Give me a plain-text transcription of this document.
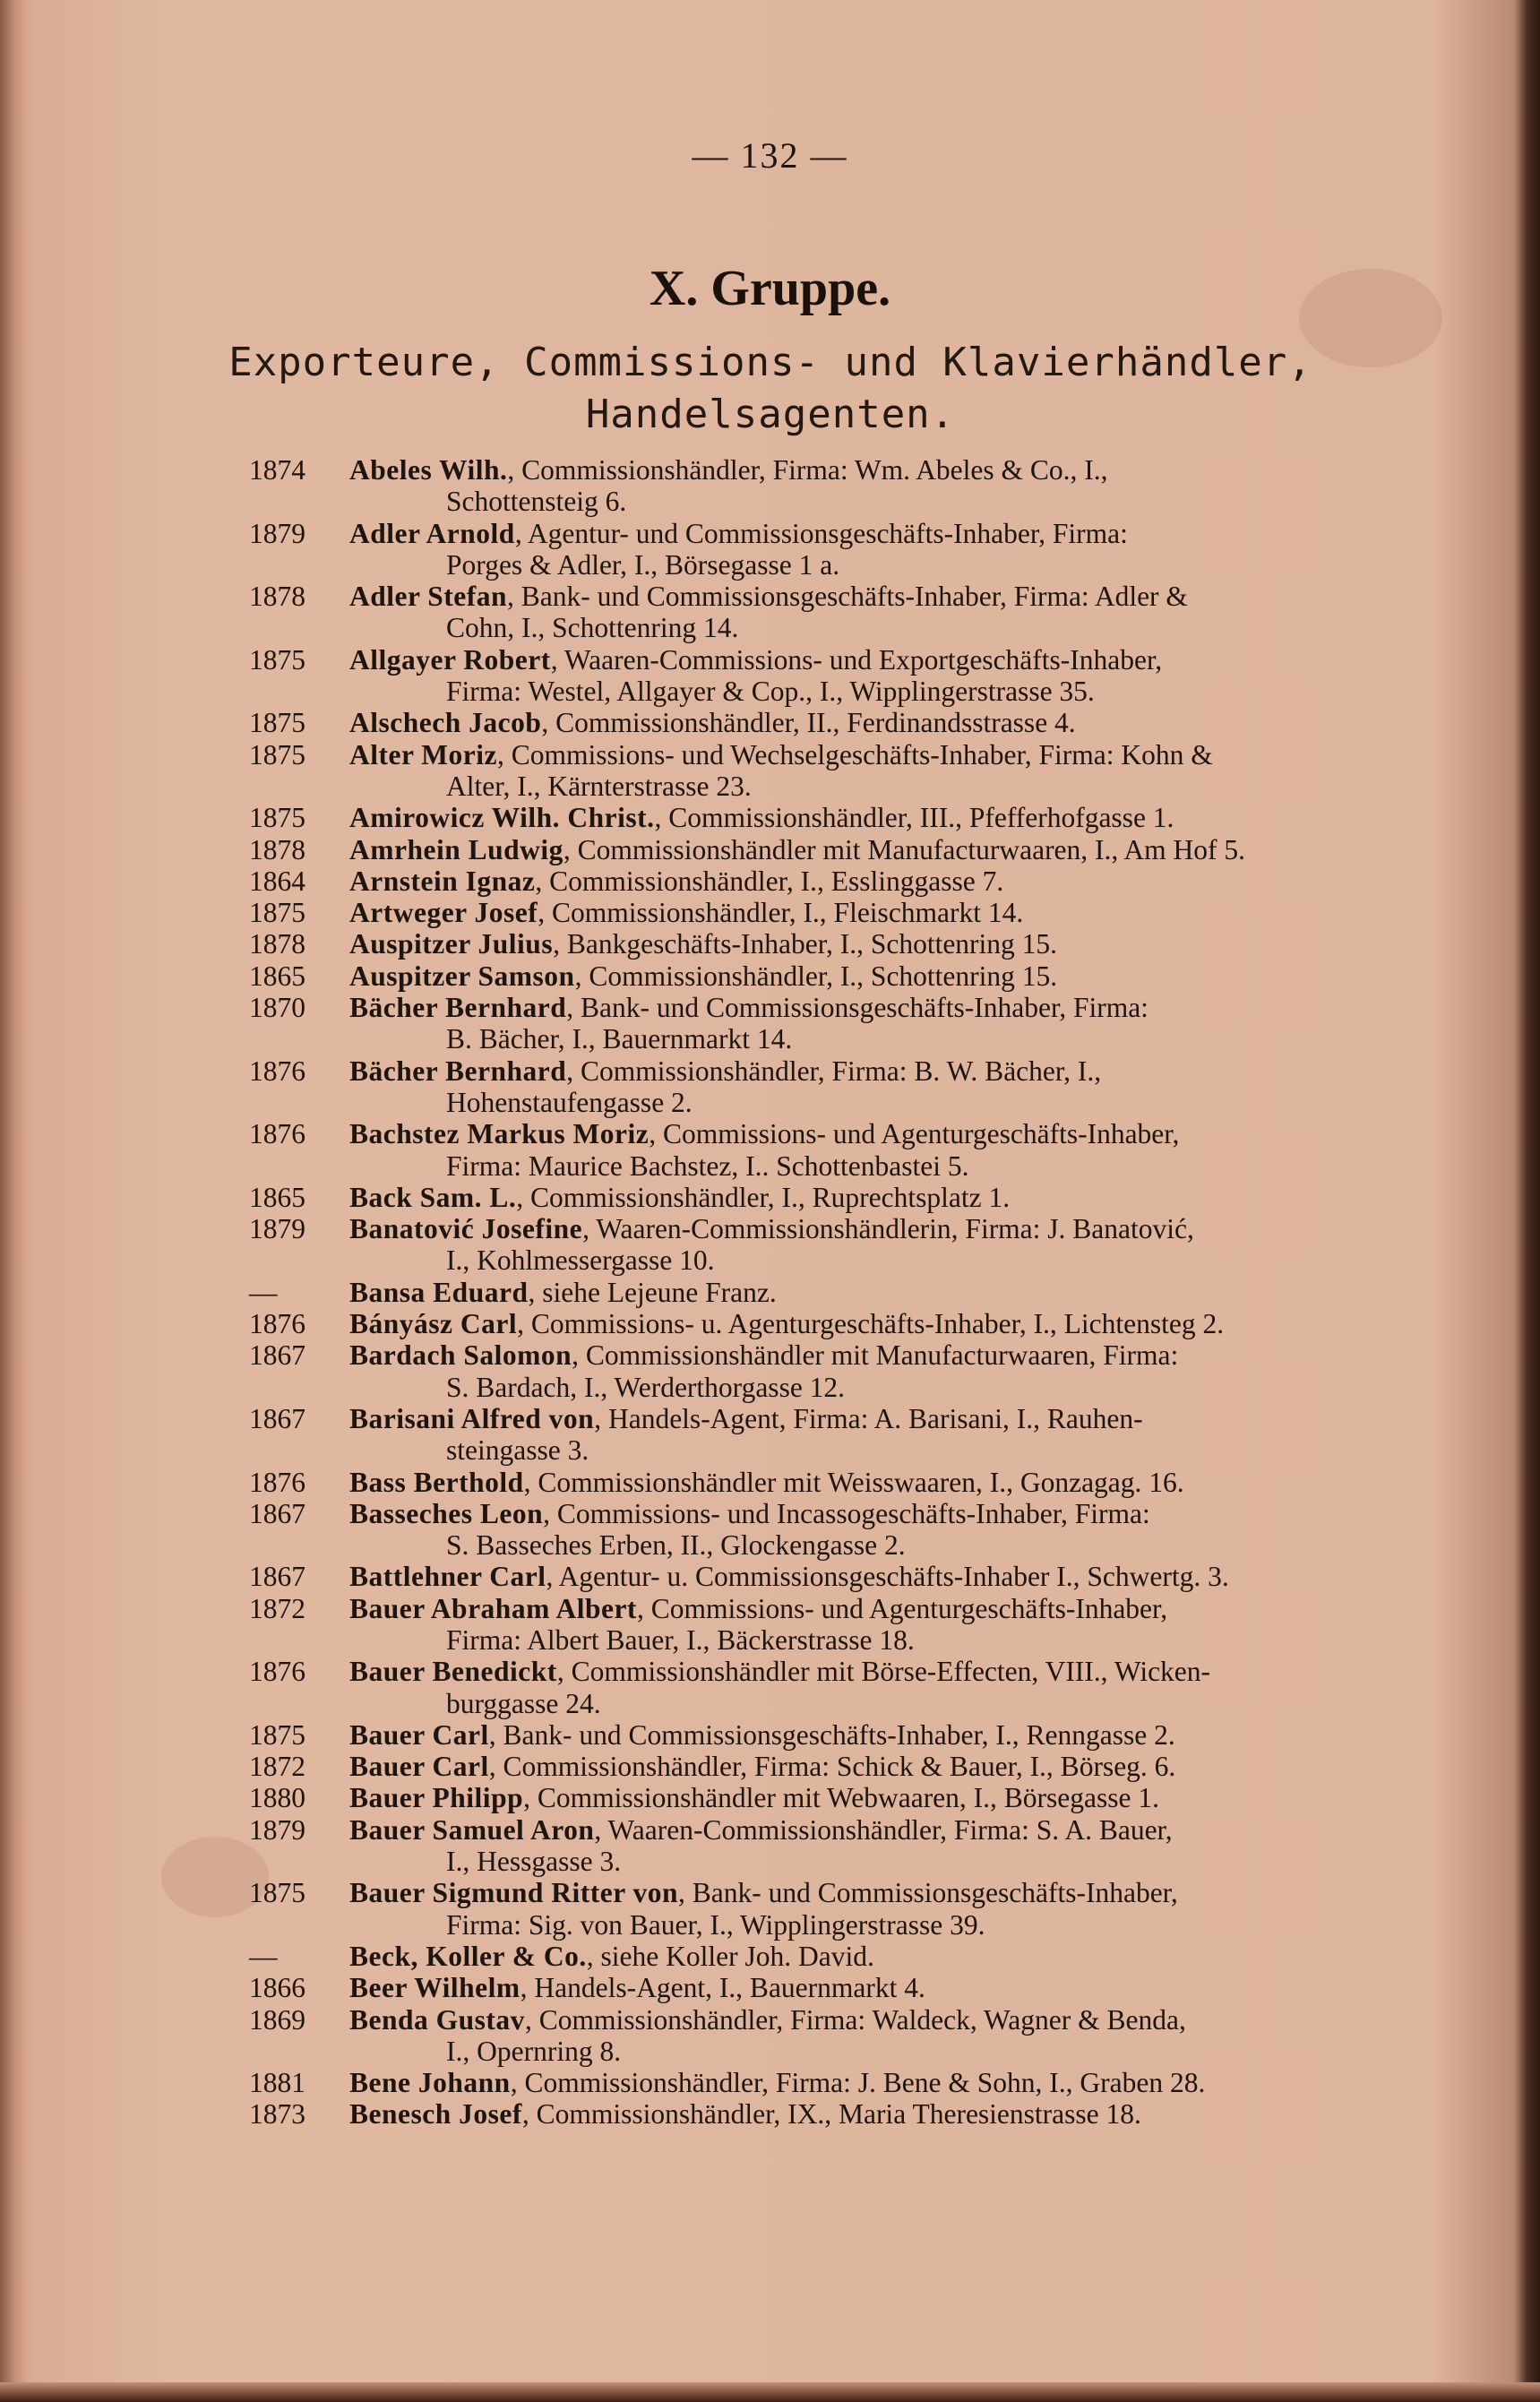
— 132 —
X. Gruppe.
Exporteure, Commissions- und Klavierhändler,
Handelsagenten.
1874	Abeles Wilh., Commissionshändler, Firma: Wm. Abeles & Co., I.,
Schottensteig 6.
1879	Adler Arnold, Agentur- und Commissionsgeschäfts-Inhaber, Firma:
Porges & Adler, I., Börsegasse 1 a.
1878	Adler Stefan, Bank- und Commissionsgeschäfts-Inhaber, Firma: Adler &
Cohn, I., Schottenring 14.
1875	Allgayer Robert, Waaren-Commissions- und Exportgeschäfts-Inhaber,
Firma: Westel, Allgayer & Cop., I., Wipplingerstrasse 35.
1875	Alschech Jacob, Commissionshändler, II., Ferdinandsstrasse 4.
1875	Alter Moriz, Commissions- und Wechselgeschäfts-Inhaber, Firma: Kohn &
Alter, I., Kärnterstrasse 23.
1875	Amirowicz Wilh. Christ., Commissionshändler, III., Pfefferhofgasse 1.
1878	Amrhein Ludwig, Commissionshändler mit Manufacturwaaren, I., Am Hof 5.
1864	Arnstein Ignaz, Commissionshändler, I., Esslinggasse 7.
1875	Artweger Josef, Commissionshändler, I., Fleischmarkt 14.
1878	Auspitzer Julius, Bankgeschäfts-Inhaber, I., Schottenring 15.
1865	Auspitzer Samson, Commissionshändler, I., Schottenring 15.
1870	Bächer Bernhard, Bank- und Commissionsgeschäfts-Inhaber, Firma:
B. Bächer, I., Bauernmarkt 14.
1876	Bächer Bernhard, Commissionshändler, Firma: B. W. Bächer, I.,
Hohenstaufengasse 2.
1876	Bachstez Markus Moriz, Commissions- und Agenturgeschäfts-Inhaber,
Firma: Maurice Bachstez, I.. Schottenbastei 5.
1865	Back Sam. L., Commissionshändler, I., Ruprechtsplatz 1.
1879	Banatović Josefine, Waaren-Commissionshändlerin, Firma: J. Banatović,
I., Kohlmessergasse 10.
—	Bansa Eduard, siehe Lejeune Franz.
1876	Bányász Carl, Commissions- u. Agenturgeschäfts-Inhaber, I., Lichtensteg 2.
1867	Bardach Salomon, Commissionshändler mit Manufacturwaaren, Firma:
S. Bardach, I., Werderthorgasse 12.
1867	Barisani Alfred von, Handels-Agent, Firma: A. Barisani, I., Rauhen-
steingasse 3.
1876	Bass Berthold, Commissionshändler mit Weisswaaren, I., Gonzagag. 16.
1867	Basseches Leon, Commissions- und Incassogeschäfts-Inhaber, Firma:
S. Basseches Erben, II., Glockengasse 2.
1867	Battlehner Carl, Agentur- u. Commissionsgeschäfts-Inhaber I., Schwertg. 3.
1872	Bauer Abraham Albert, Commissions- und Agenturgeschäfts-Inhaber,
Firma: Albert Bauer, I., Bäckerstrasse 18.
1876	Bauer Benedickt, Commissionshändler mit Börse-Effecten, VIII., Wicken-
burggasse 24.
1875	Bauer Carl, Bank- und Commissionsgeschäfts-Inhaber, I., Renngasse 2.
1872	Bauer Carl, Commissionshändler, Firma: Schick & Bauer, I., Börseg. 6.
1880	Bauer Philipp, Commissionshändler mit Webwaaren, I., Börsegasse 1.
1879	Bauer Samuel Aron, Waaren-Commissionshändler, Firma: S. A. Bauer,
I., Hessgasse 3.
1875	Bauer Sigmund Ritter von, Bank- und Commissionsgeschäfts-Inhaber,
Firma: Sig. von Bauer, I., Wipplingerstrasse 39.
—	Beck, Koller & Co., siehe Koller Joh. David.
1866	Beer Wilhelm, Handels-Agent, I., Bauernmarkt 4.
1869	Benda Gustav, Commissionshändler, Firma: Waldeck, Wagner & Benda,
I., Opernring 8.
1881	Bene Johann, Commissionshändler, Firma: J. Bene & Sohn, I., Graben 28.
1873	Benesch Josef, Commissionshändler, IX., Maria Theresienstrasse 18.
